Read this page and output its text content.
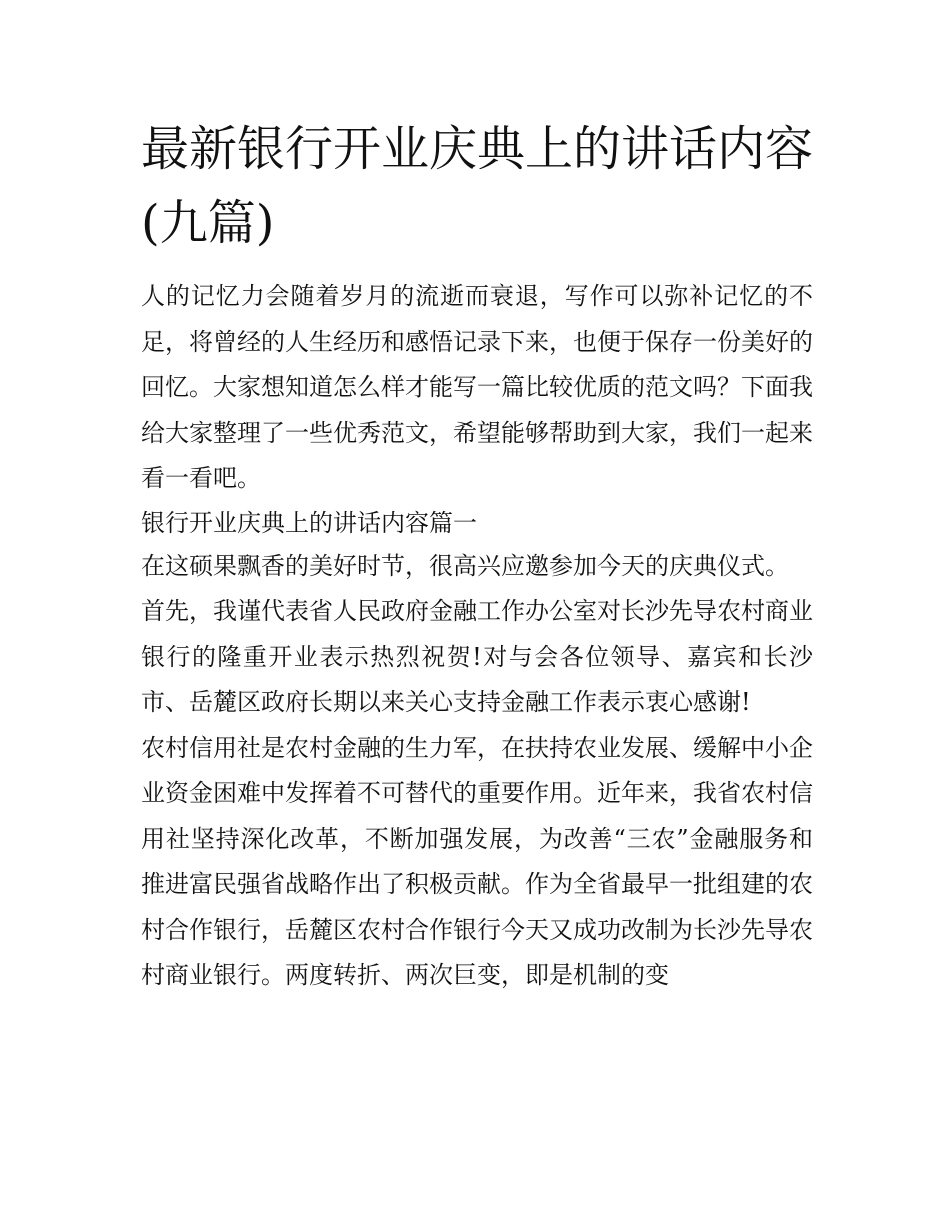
最新银行开业庆典上的讲话内容(九篇)

人的记忆力会随着岁月的流逝而衰退，写作可以弥补记忆的不足，将曾经的人生经历和感悟记录下来，也便于保存一份美好的回忆。大家想知道怎么样才能写一篇比较优质的范文吗？下面我给大家整理了一些优秀范文，希望能够帮助到大家，我们一起来看一看吧。

银行开业庆典上的讲话内容篇一

在这硕果飘香的美好时节，很高兴应邀参加今天的庆典仪式。

首先，我谨代表省人民政府金融工作办公室对长沙先导农村商业银行的隆重开业表示热烈祝贺!对与会各位领导、嘉宾和长沙市、岳麓区政府长期以来关心支持金融工作表示衷心感谢!

农村信用社是农村金融的生力军，在扶持农业发展、缓解中小企业资金困难中发挥着不可替代的重要作用。近年来，我省农村信用社坚持深化改革，不断加强发展，为改善“三农”金融服务和推进富民强省战略作出了积极贡献。作为全省最早一批组建的农村合作银行，岳麓区农村合作银行今天又成功改制为长沙先导农村商业银行。两度转折、两次巨变，即是机制的变
